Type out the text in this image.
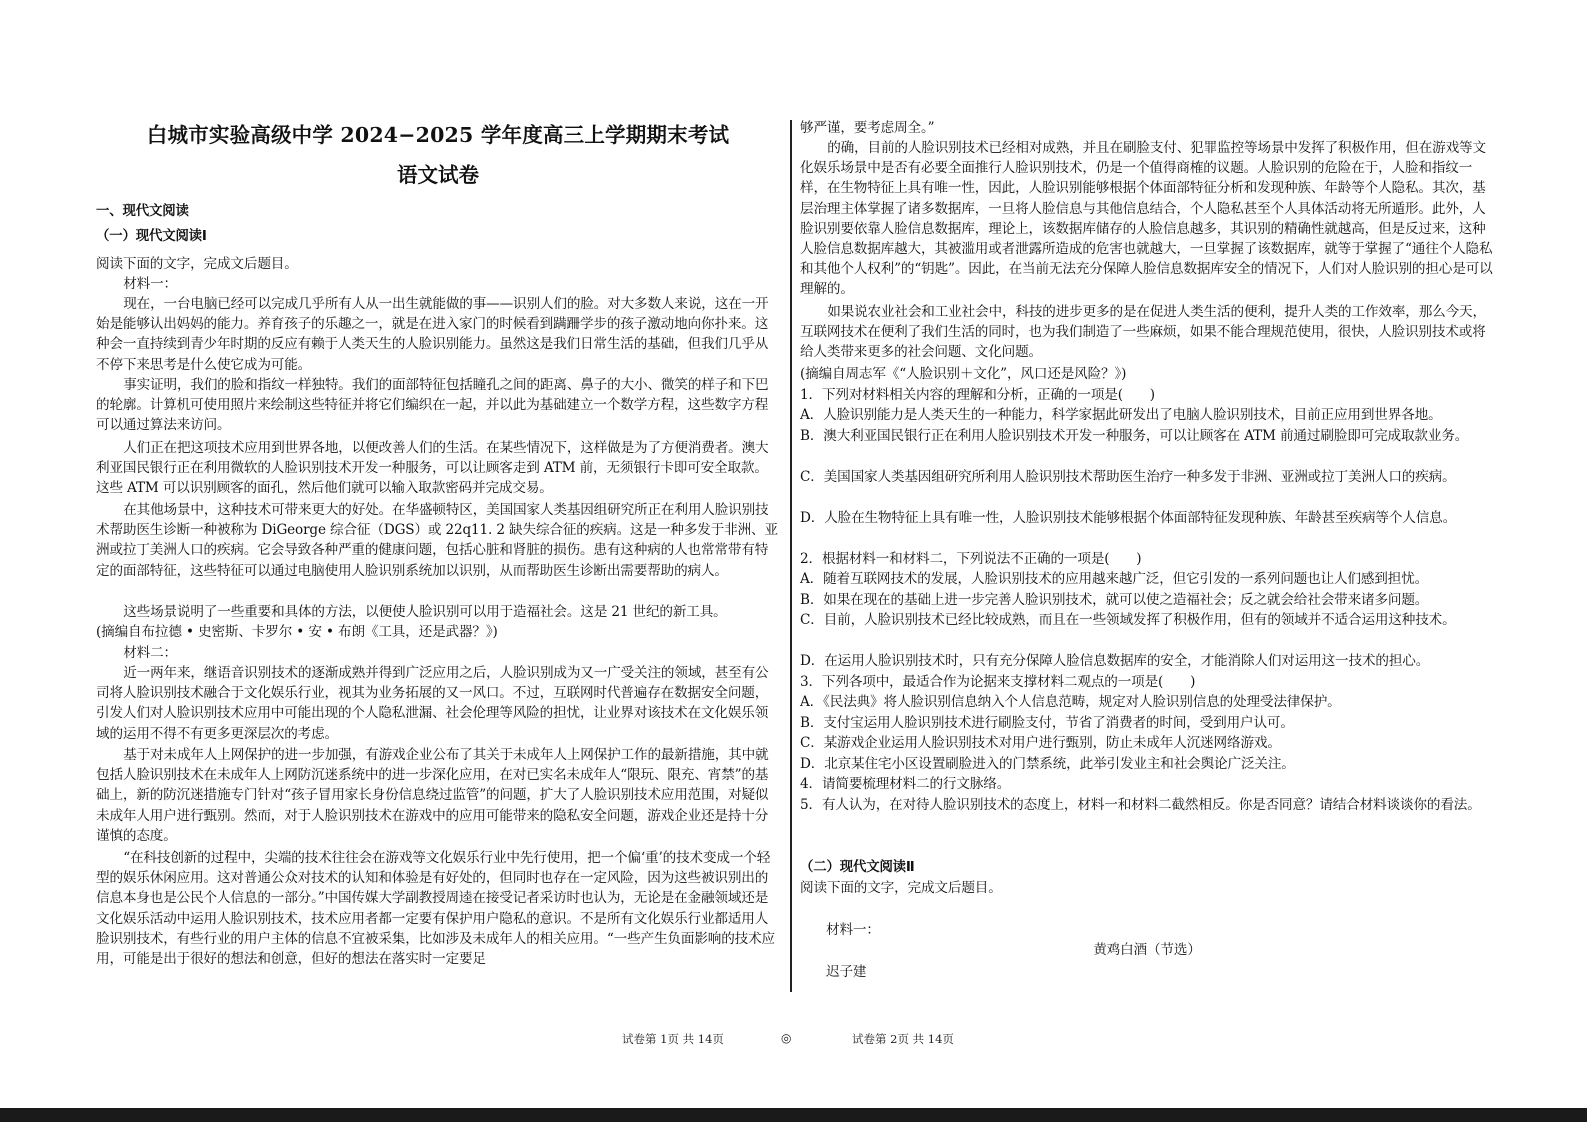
白城市实验高级中学 2024−2025 学年度高三上学期期末考试
语文试卷

一、现代文阅读

（一）现代文阅读Ⅰ

阅读下面的文字，完成文后题目。

材料一：

现在，一台电脑已经可以完成几乎所有人从一出生就能做的事——识别人们的脸。对大多数人来说，这在一开始是能够认出妈妈的能力。养育孩子的乐趣之一，就是在进入家门的时候看到蹒跚学步的孩子激动地向你扑来。这种会一直持续到青少年时期的反应有赖于人类天生的人脸识别能力。虽然这是我们日常生活的基础，但我们几乎从不停下来思考是什么使它成为可能。

事实证明，我们的脸和指纹一样独特。我们的面部特征包括瞳孔之间的距离、鼻子的大小、微笑的样子和下巴的轮廓。计算机可使用照片来绘制这些特征并将它们编织在一起，并以此为基础建立一个数学方程，这些数字方程可以通过算法来访问。

人们正在把这项技术应用到世界各地，以便改善人们的生活。在某些情况下，这样做是为了方便消费者。澳大利亚国民银行正在利用微软的人脸识别技术开发一种服务，可以让顾客走到 ATM 前，无须银行卡即可安全取款。这些 ATM 可以识别顾客的面孔，然后他们就可以输入取款密码并完成交易。

在其他场景中，这种技术可带来更大的好处。在华盛顿特区，美国国家人类基因组研究所正在利用人脸识别技术帮助医生诊断一种被称为 DiGeorge 综合征（DGS）或 22q11. 2 缺失综合征的疾病。这是一种多发于非洲、亚洲或拉丁美洲人口的疾病。它会导致各种严重的健康问题，包括心脏和肾脏的损伤。患有这种病的人也常常带有特定的面部特征，这些特征可以通过电脑使用人脸识别系统加以识别，从而帮助医生诊断出需要帮助的病人。

这些场景说明了一些重要和具体的方法，以便使人脸识别可以用于造福社会。这是 21 世纪的新工具。

(摘编自布拉德 • 史密斯、卡罗尔 • 安 • 布朗《工具，还是武器？》)

材料二：

近一两年来，继语音识别技术的逐渐成熟并得到广泛应用之后，人脸识别成为又一广受关注的领域，甚至有公司将人脸识别技术融合于文化娱乐行业，视其为业务拓展的又一风口。不过，互联网时代普遍存在数据安全问题，引发人们对人脸识别技术应用中可能出现的个人隐私泄漏、社会伦理等风险的担忧，让业界对该技术在文化娱乐领域的运用不得不有更多更深层次的考虑。

基于对未成年人上网保护的进一步加强，有游戏企业公布了其关于未成年人上网保护工作的最新措施，其中就包括人脸识别技术在未成年人上网防沉迷系统中的进一步深化应用，在对已实名未成年人“限玩、限充、宵禁”的基础上，新的防沉迷措施专门针对“孩子冒用家长身份信息绕过监管”的问题，扩大了人脸识别技术应用范围，对疑似未成年人用户进行甄别。然而，对于人脸识别技术在游戏中的应用可能带来的隐私安全问题，游戏企业还是持十分谨慎的态度。

“在科技创新的过程中，尖端的技术往往会在游戏等文化娱乐行业中先行使用，把一个偏‘重’的技术变成一个轻型的娱乐休闲应用。这对普通公众对技术的认知和体验是有好处的，但同时也存在一定风险，因为这些被识别出的信息本身也是公民个人信息的一部分。”中国传媒大学副教授周逵在接受记者采访时也认为，无论是在金融领域还是文化娱乐活动中运用人脸识别技术，技术应用者都一定要有保护用户隐私的意识。不是所有文化娱乐行业都适用人脸识别技术，有些行业的用户主体的信息不宜被采集，比如涉及未成年人的相关应用。“一些产生负面影响的技术应用，可能是出于很好的想法和创意，但好的想法在落实时一定要足

够严谨，要考虑周全。”

的确，目前的人脸识别技术已经相对成熟，并且在刷脸支付、犯罪监控等场景中发挥了积极作用，但在游戏等文化娱乐场景中是否有必要全面推行人脸识别技术，仍是一个值得商榷的议题。人脸识别的危险在于，人脸和指纹一样，在生物特征上具有唯一性，因此，人脸识别能够根据个体面部特征分析和发现种族、年龄等个人隐私。其次，基层治理主体掌握了诸多数据库，一旦将人脸信息与其他信息结合，个人隐私甚至个人具体活动将无所遁形。此外，人脸识别要依靠人脸信息数据库，理论上，该数据库储存的人脸信息越多，其识别的精确性就越高，但是反过来，这种人脸信息数据库越大，其被滥用或者泄露所造成的危害也就越大，一旦掌握了该数据库，就等于掌握了“通往个人隐私和其他个人权利”的“钥匙”。因此，在当前无法充分保障人脸信息数据库安全的情况下，人们对人脸识别的担心是可以理解的。

如果说农业社会和工业社会中，科技的进步更多的是在促进人类生活的便利，提升人类的工作效率，那么今天，互联网技术在便利了我们生活的同时，也为我们制造了一些麻烦，如果不能合理规范使用，很快，人脸识别技术或将给人类带来更多的社会问题、文化问题。

(摘编自周志军《“人脸识别＋文化”，风口还是风险？》)

1．下列对材料相关内容的理解和分析，正确的一项是(　　)

A．人脸识别能力是人类天生的一种能力，科学家据此研发出了电脑人脸识别技术，目前正应用到世界各地。

B．澳大利亚国民银行正在利用人脸识别技术开发一种服务，可以让顾客在 ATM 前通过刷脸即可完成取款业务。

C．美国国家人类基因组研究所利用人脸识别技术帮助医生治疗一种多发于非洲、亚洲或拉丁美洲人口的疾病。

D．人脸在生物特征上具有唯一性，人脸识别技术能够根据个体面部特征发现种族、年龄甚至疾病等个人信息。

2．根据材料一和材料二，下列说法不正确的一项是(　　)

A．随着互联网技术的发展，人脸识别技术的应用越来越广泛，但它引发的一系列问题也让人们感到担忧。

B．如果在现在的基础上进一步完善人脸识别技术，就可以使之造福社会；反之就会给社会带来诸多问题。

C．目前，人脸识别技术已经比较成熟，而且在一些领域发挥了积极作用，但有的领域并不适合运用这种技术。

D．在运用人脸识别技术时，只有充分保障人脸信息数据库的安全，才能消除人们对运用这一技术的担心。

3．下列各项中，最适合作为论据来支撑材料二观点的一项是(　　)

A．《民法典》将人脸识别信息纳入个人信息范畴，规定对人脸识别信息的处理受法律保护。

B．支付宝运用人脸识别技术进行刷脸支付，节省了消费者的时间，受到用户认可。

C．某游戏企业运用人脸识别技术对用户进行甄别，防止未成年人沉迷网络游戏。

D．北京某住宅小区设置刷脸进入的门禁系统，此举引发业主和社会舆论广泛关注。

4．请简要梳理材料二的行文脉络。

5．有人认为，在对待人脸识别技术的态度上，材料一和材料二截然相反。你是否同意？请结合材料谈谈你的看法。

（二）现代文阅读Ⅱ

阅读下面的文字，完成文后题目。

材料一：

黄鸡白酒（节选）

迟子建

试卷第 1页 共 14页	◎	试卷第 2页 共 14页
